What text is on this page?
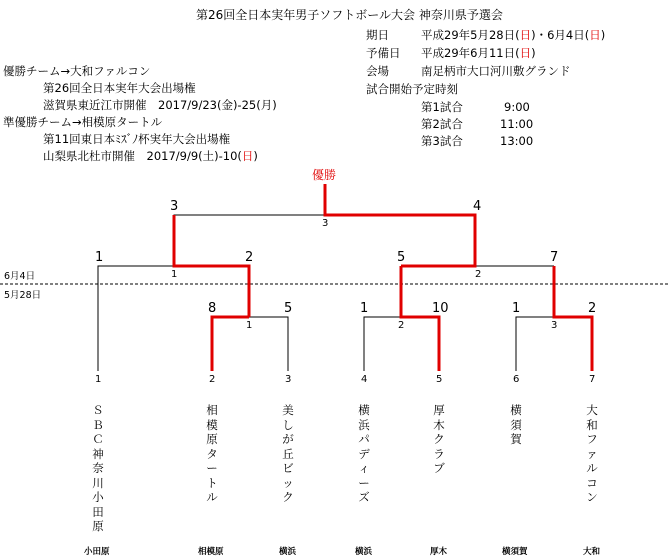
第26回全日本実年男子ソフトボール大会 神奈川県予選会
期日	平成29年5月28日(日)・6月4日(日)
予備日 平成29年6月11日(日)
会場	南足柄市大口河川敷グランド
試合開始予定時刻
第1試合	9:00
第2試合	11:00
第3試合	13:00
優勝チーム→大和ファルコン
第26回全日本実年大会出場権
滋賀県東近江市開催　2017/9/23(金)-25(月)
準優勝チーム→相模原タートル
第11回東日本ﾐｽﾞﾉ杯実年大会出場権
山梨県北杜市開催　2017/9/9(土)-10(日)
優勝
6月4日
5月28日
3	4
1	2	5	7
8	5	1	10	1	2
3
1	2
1	2	3
1	2	3	4	5	6	7
ＳＢＣ神奈川小田原
相模原タートル
美しが丘ビック
横浜パディーズ
厚木クラブ
横須賀
大和ファルコン
小田原	相模原	横浜	横浜	厚木	横須賀	大和
